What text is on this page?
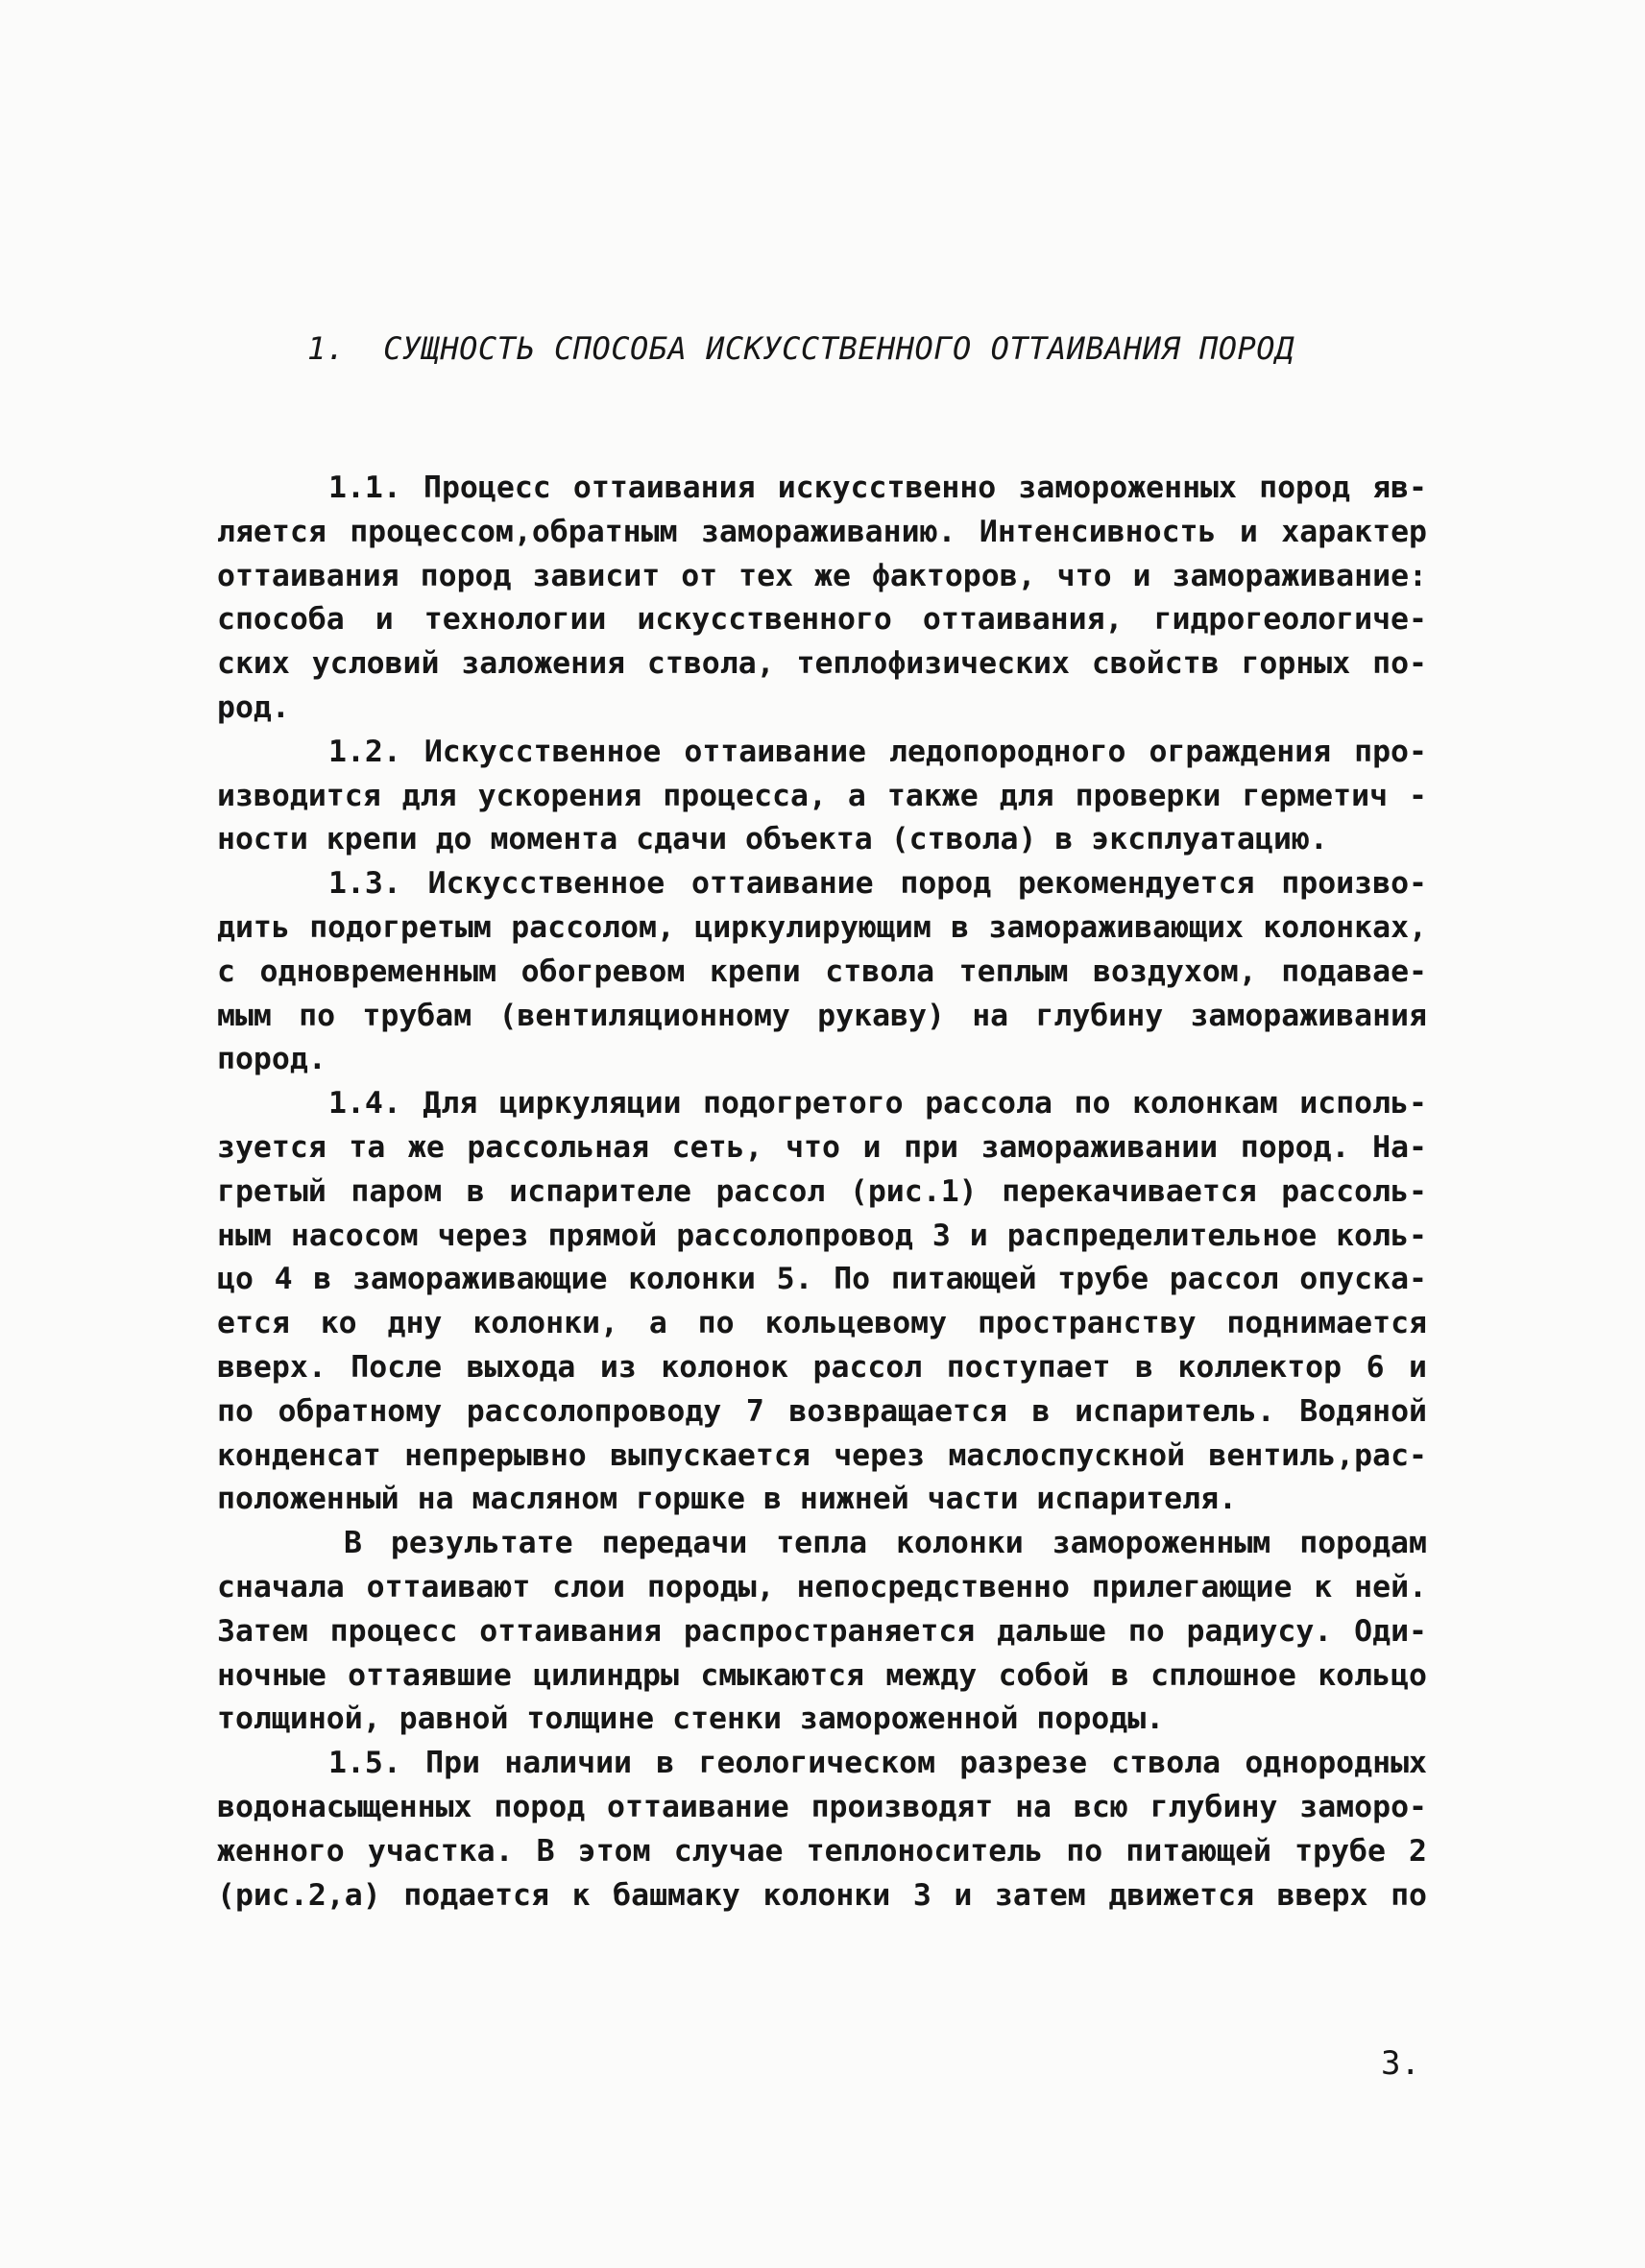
1.  СУЩНОСТЬ СПОСОБА ИСКУССТВЕННОГО ОТТАИВАНИЯ ПОРОД
1.1. Процесс оттаивания искусственно замороженных пород яв-
ляется процессом,обратным замораживанию. Интенсивность и характер
оттаивания пород зависит от тех же факторов, что и замораживание:
способа и технологии искусственного оттаивания, гидрогеологиче-
ских условий заложения ствола, теплофизических свойств горных по-
род.
1.2. Искусственное оттаивание ледопородного ограждения про-
изводится для ускорения процесса, а также для проверки герметич -
ности крепи до момента сдачи объекта (ствола) в эксплуатацию.
1.3. Искусственное оттаивание пород рекомендуется произво-
дить подогретым рассолом, циркулирующим в замораживающих колонках,
с одновременным обогревом крепи ствола теплым воздухом, подавае-
мым по трубам (вентиляционному рукаву) на глубину замораживания
пород.
1.4. Для циркуляции подогретого рассола по колонкам исполь-
зуется та же рассольная сеть, что и при замораживании пород. На-
гретый паром в испарителе рассол (рис.1) перекачивается рассоль-
ным насосом через прямой рассолопровод 3 и распределительное коль-
цо 4 в замораживающие колонки 5. По питающей трубе рассол опуска-
ется ко дну колонки, а по кольцевому пространству поднимается
вверх. После выхода из колонок рассол поступает в коллектор 6 и
по обратному рассолопроводу 7 возвращается в испаритель. Водяной
конденсат непрерывно выпускается через маслоспускной вентиль,рас-
положенный на масляном горшке в нижней части испарителя.
В результате передачи тепла колонки замороженным породам
сначала оттаивают слои породы, непосредственно прилегающие к ней.
Затем процесс оттаивания распространяется дальше по радиусу. Оди-
ночные оттаявшие цилиндры смыкаются между собой в сплошное кольцо
толщиной, равной толщине стенки замороженной породы.
1.5. При наличии в геологическом разрезе ствола однородных
водонасыщенных пород оттаивание производят на всю глубину заморо-
женного участка. В этом случае теплоноситель по питающей трубе 2
(рис.2,а) подается к башмаку колонки 3 и затем движется вверх по
3.
